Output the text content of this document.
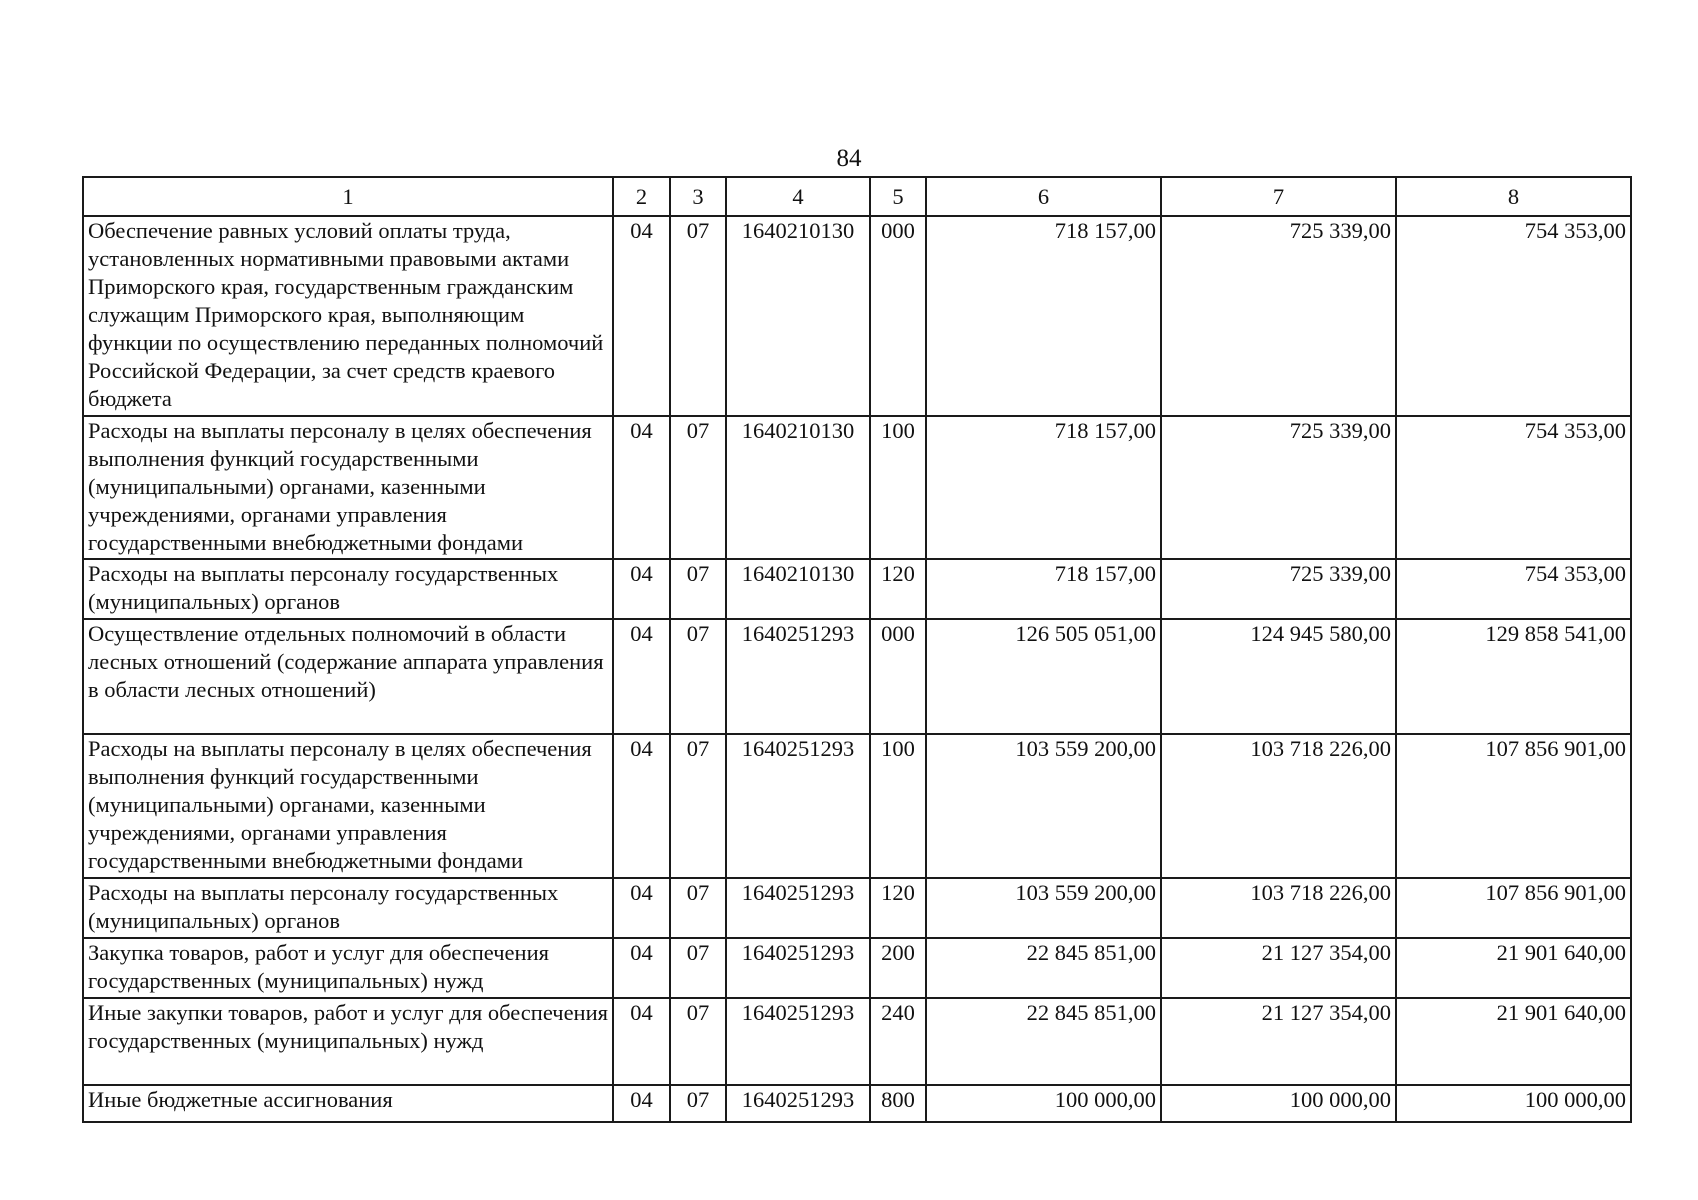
84
1	2	3	4	5	6	7	8
Обеспечение равных условий оплаты труда, установленных нормативными правовыми актами Приморского края, государственным гражданским служащим Приморского края, выполняющим функции по осуществлению переданных полномочий Российской Федерации, за счет средств краевого бюджета	04	07	1640210130	000	718 157,00	725 339,00	754 353,00
Расходы на выплаты персоналу в целях обеспечения выполнения функций государственными (муниципальными) органами, казенными учреждениями, органами управления государственными внебюджетными фондами	04	07	1640210130	100	718 157,00	725 339,00	754 353,00
Расходы на выплаты персоналу государственных (муниципальных) органов	04	07	1640210130	120	718 157,00	725 339,00	754 353,00
Осуществление отдельных полномочий в области лесных отношений (содержание аппарата управления в области лесных отношений)	04	07	1640251293	000	126 505 051,00	124 945 580,00	129 858 541,00
Расходы на выплаты персоналу в целях обеспечения выполнения функций государственными (муниципальными) органами, казенными учреждениями, органами управления государственными внебюджетными фондами	04	07	1640251293	100	103 559 200,00	103 718 226,00	107 856 901,00
Расходы на выплаты персоналу государственных (муниципальных) органов	04	07	1640251293	120	103 559 200,00	103 718 226,00	107 856 901,00
Закупка товаров, работ и услуг для обеспечения государственных (муниципальных) нужд	04	07	1640251293	200	22 845 851,00	21 127 354,00	21 901 640,00
Иные закупки товаров, работ и услуг для обеспечения государственных (муниципальных) нужд	04	07	1640251293	240	22 845 851,00	21 127 354,00	21 901 640,00
Иные бюджетные ассигнования	04	07	1640251293	800	100 000,00	100 000,00	100 000,00
